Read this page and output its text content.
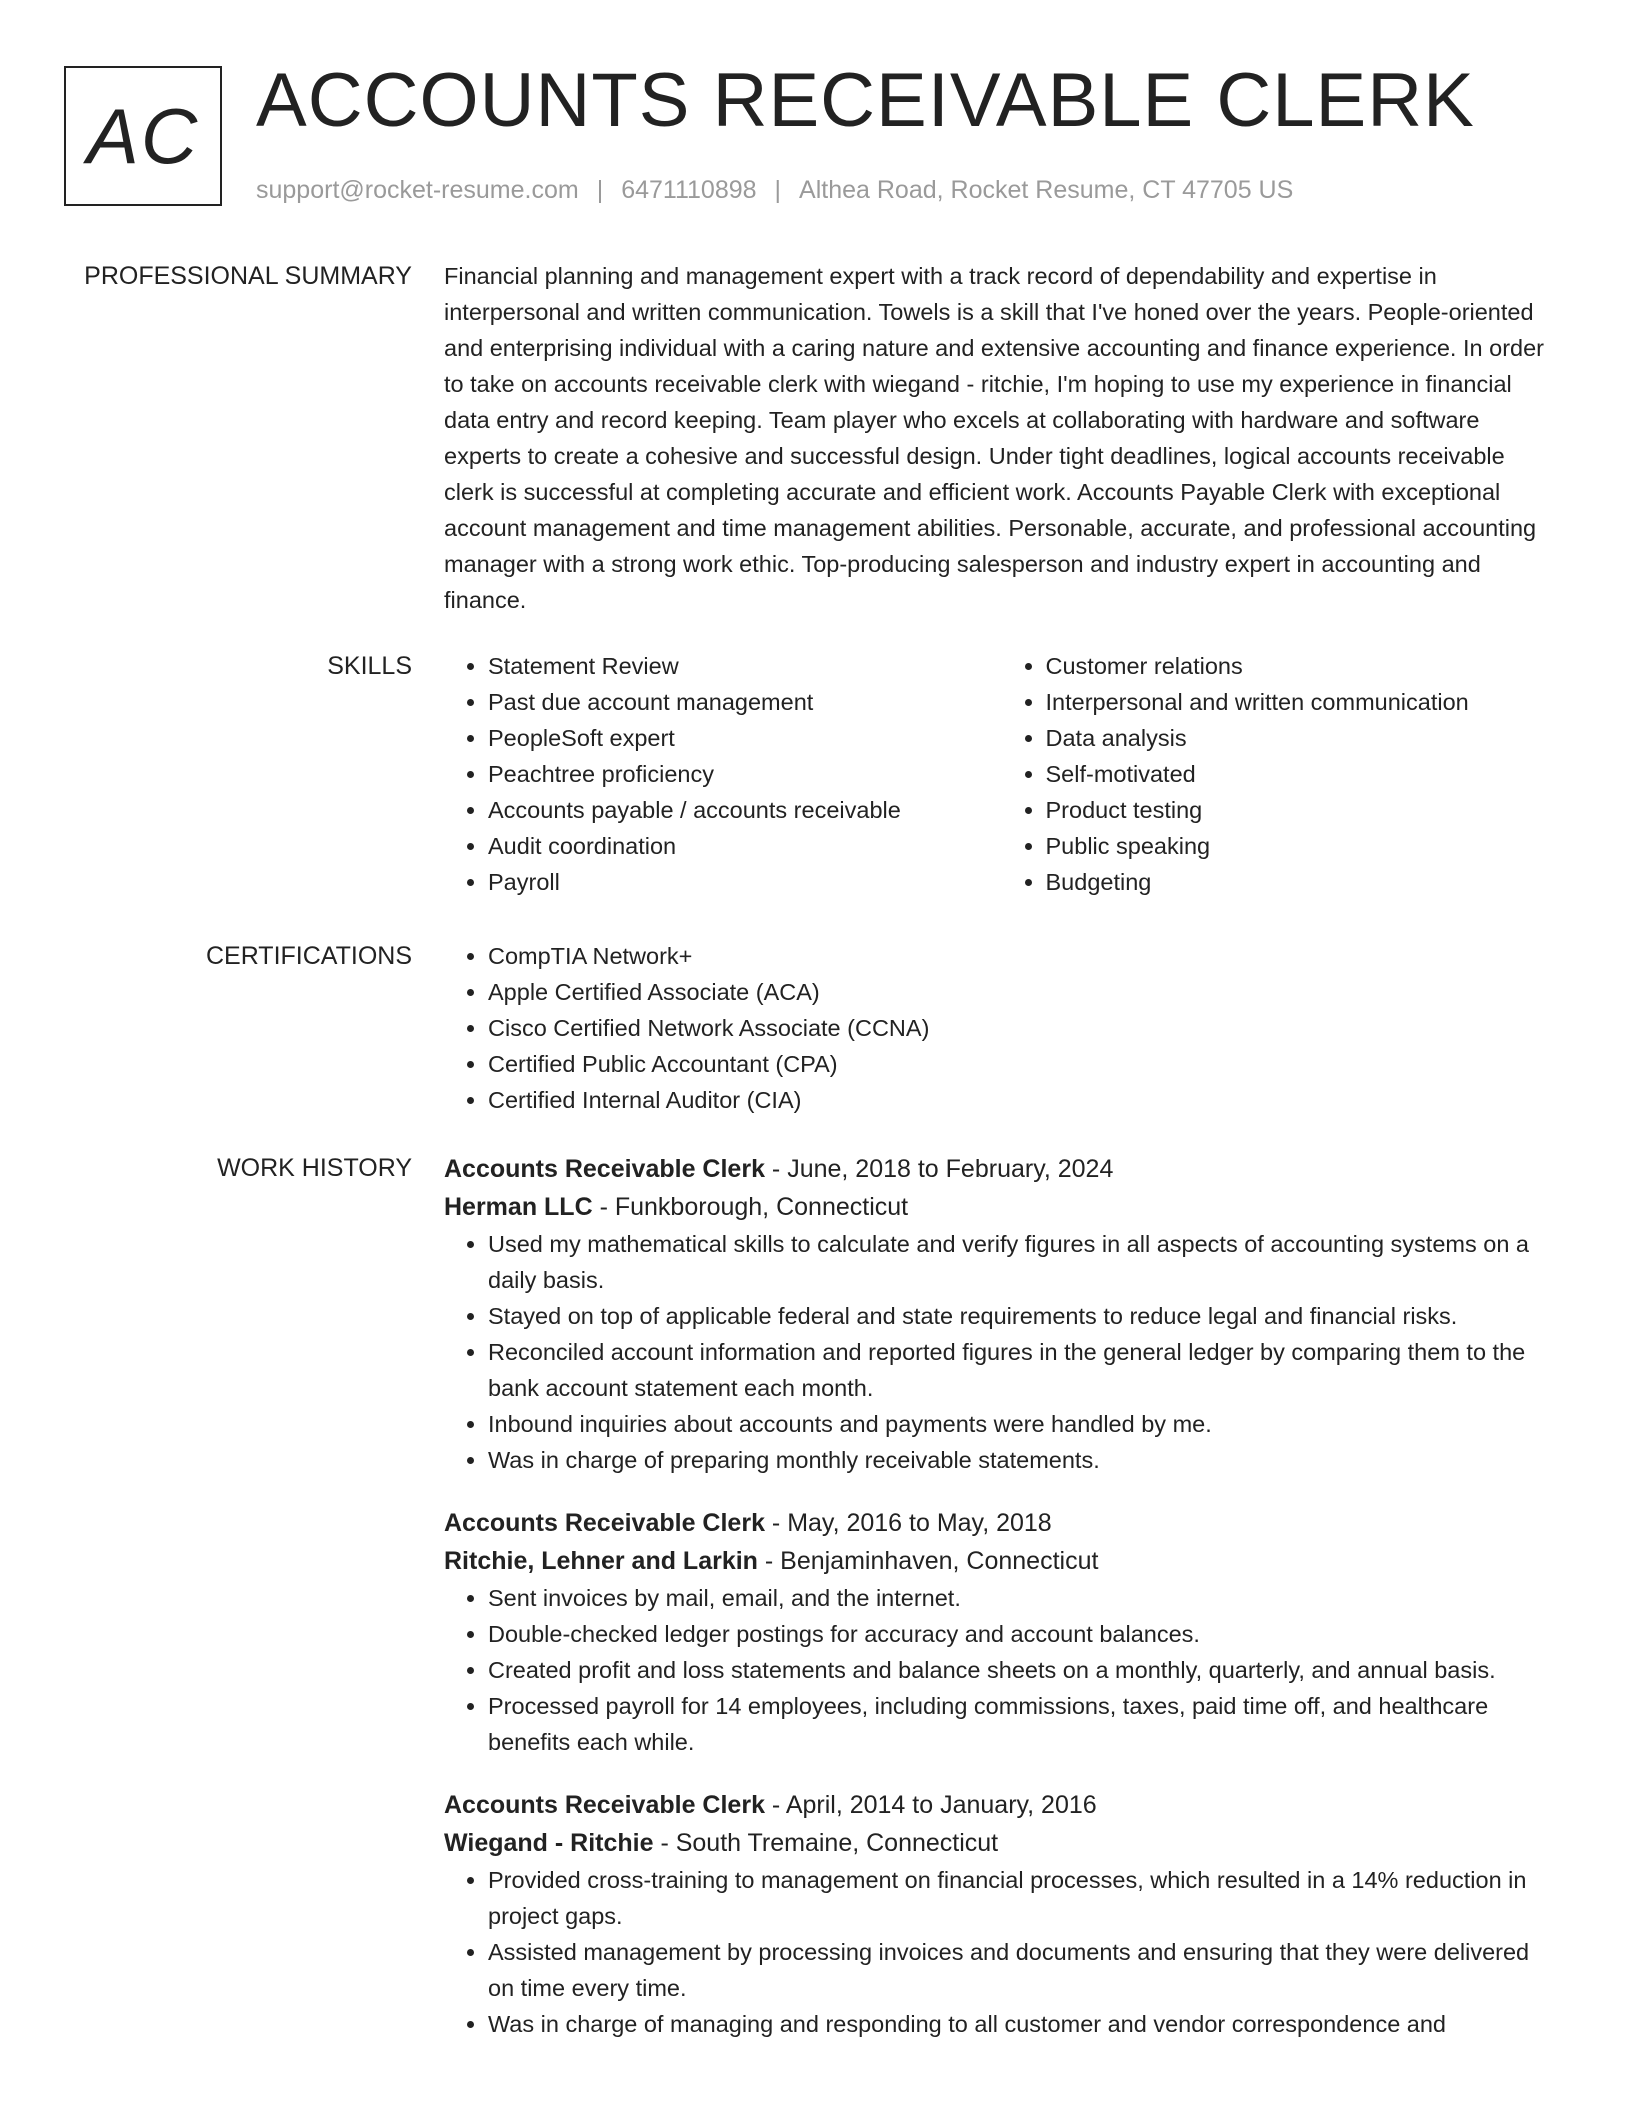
AC ACCOUNTS RECEIVABLE CLERK
support@rocket-resume.com | 6471110898 | Althea Road, Rocket Resume, CT 47705 US
PROFESSIONAL SUMMARY Financial planning and management expert with a track record of dependability and expertise in interpersonal and written communication. Towels is a skill that I've honed over the years. People-oriented and enterprising individual with a caring nature and extensive accounting and finance experience. In order to take on accounts receivable clerk with wiegand - ritchie, I'm hoping to use my experience in financial data entry and record keeping. Team player who excels at collaborating with hardware and software experts to create a cohesive and successful design. Under tight deadlines, logical accounts receivable clerk is successful at completing accurate and efficient work. Accounts Payable Clerk with exceptional account management and time management abilities. Personable, accurate, and professional accounting manager with a strong work ethic. Top-producing salesperson and industry expert in accounting and finance.

SKILLS	• Statement Review
• Past due account management
• PeopleSoft expert
• Peachtree proficiency
• Accounts payable / accounts receivable
• Audit coordination
• Payroll
• Customer relations
• Interpersonal and written communication
• Data analysis
• Self-motivated
• Product testing
• Public speaking
• Budgeting
CERTIFICATIONS	• CompTIA Network+
• Apple Certified Associate (ACA)
• Cisco Certified Network Associate (CCNA)
• Certified Public Accountant (CPA)
• Certified Internal Auditor (CIA)
WORK HISTORY Accounts Receivable Clerk - June, 2018 to February, 2024
Herman LLC - Funkborough, Connecticut
• Used my mathematical skills to calculate and verify figures in all aspects of accounting systems on a daily basis.
• Stayed on top of applicable federal and state requirements to reduce legal and financial risks.
• Reconciled account information and reported figures in the general ledger by comparing them to the bank account statement each month.
• Inbound inquiries about accounts and payments were handled by me.
• Was in charge of preparing monthly receivable statements.
Accounts Receivable Clerk - May, 2016 to May, 2018
Ritchie, Lehner and Larkin - Benjaminhaven, Connecticut
• Sent invoices by mail, email, and the internet.
• Double-checked ledger postings for accuracy and account balances.
• Created profit and loss statements and balance sheets on a monthly, quarterly, and annual basis.
• Processed payroll for 14 employees, including commissions, taxes, paid time off, and healthcare benefits each while.
Accounts Receivable Clerk - April, 2014 to January, 2016
Wiegand - Ritchie - South Tremaine, Connecticut
• Provided cross-training to management on financial processes, which resulted in a 14% reduction in project gaps.
• Assisted management by processing invoices and documents and ensuring that they were delivered on time every time.
• Was in charge of managing and responding to all customer and vendor correspondence and
